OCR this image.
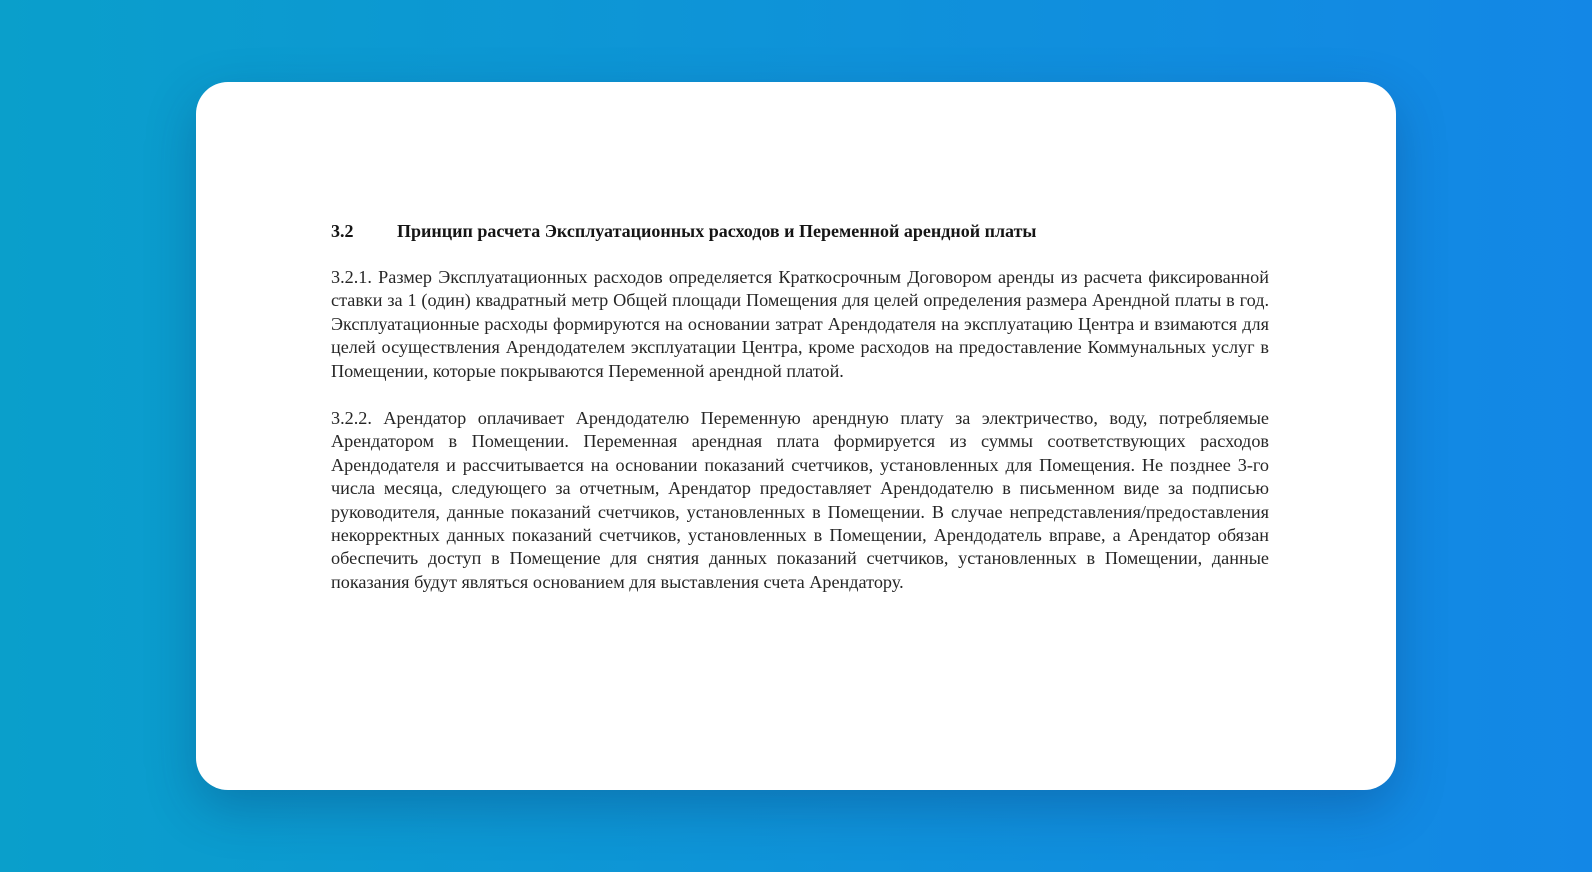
3.2	Принцип расчета Эксплуатационных расходов и Переменной арендной платы

3.2.1. Размер Эксплуатационных расходов определяется Краткосрочным Договором аренды из расчета фиксированной ставки за 1 (один) квадратный метр Общей площади Помещения для целей определения размера Арендной платы в год. Эксплуатационные расходы формируются на основании затрат Арендодателя на эксплуатацию Центра и взимаются для целей осуществления Арендодателем эксплуатации Центра, кроме расходов на предоставление Коммунальных услуг в Помещении, которые покрываются Переменной арендной платой.

3.2.2. Арендатор оплачивает Арендодателю Переменную арендную плату за электричество, воду, потребляемые Арендатором в Помещении. Переменная арендная плата формируется из суммы соответствующих расходов Арендодателя и рассчитывается на основании показаний счетчиков, установленных для Помещения. Не позднее 3-го числа месяца, следующего за отчетным, Арендатор предоставляет Арендодателю в письменном виде за подписью руководителя, данные показаний счетчиков, установленных в Помещении. В случае непредставления/предоставления некорректных данных показаний счетчиков, установленных в Помещении, Арендодатель вправе, а Арендатор обязан обеспечить доступ в Помещение для снятия данных показаний счетчиков, установленных в Помещении, данные показания будут являться основанием для выставления счета Арендатору.
